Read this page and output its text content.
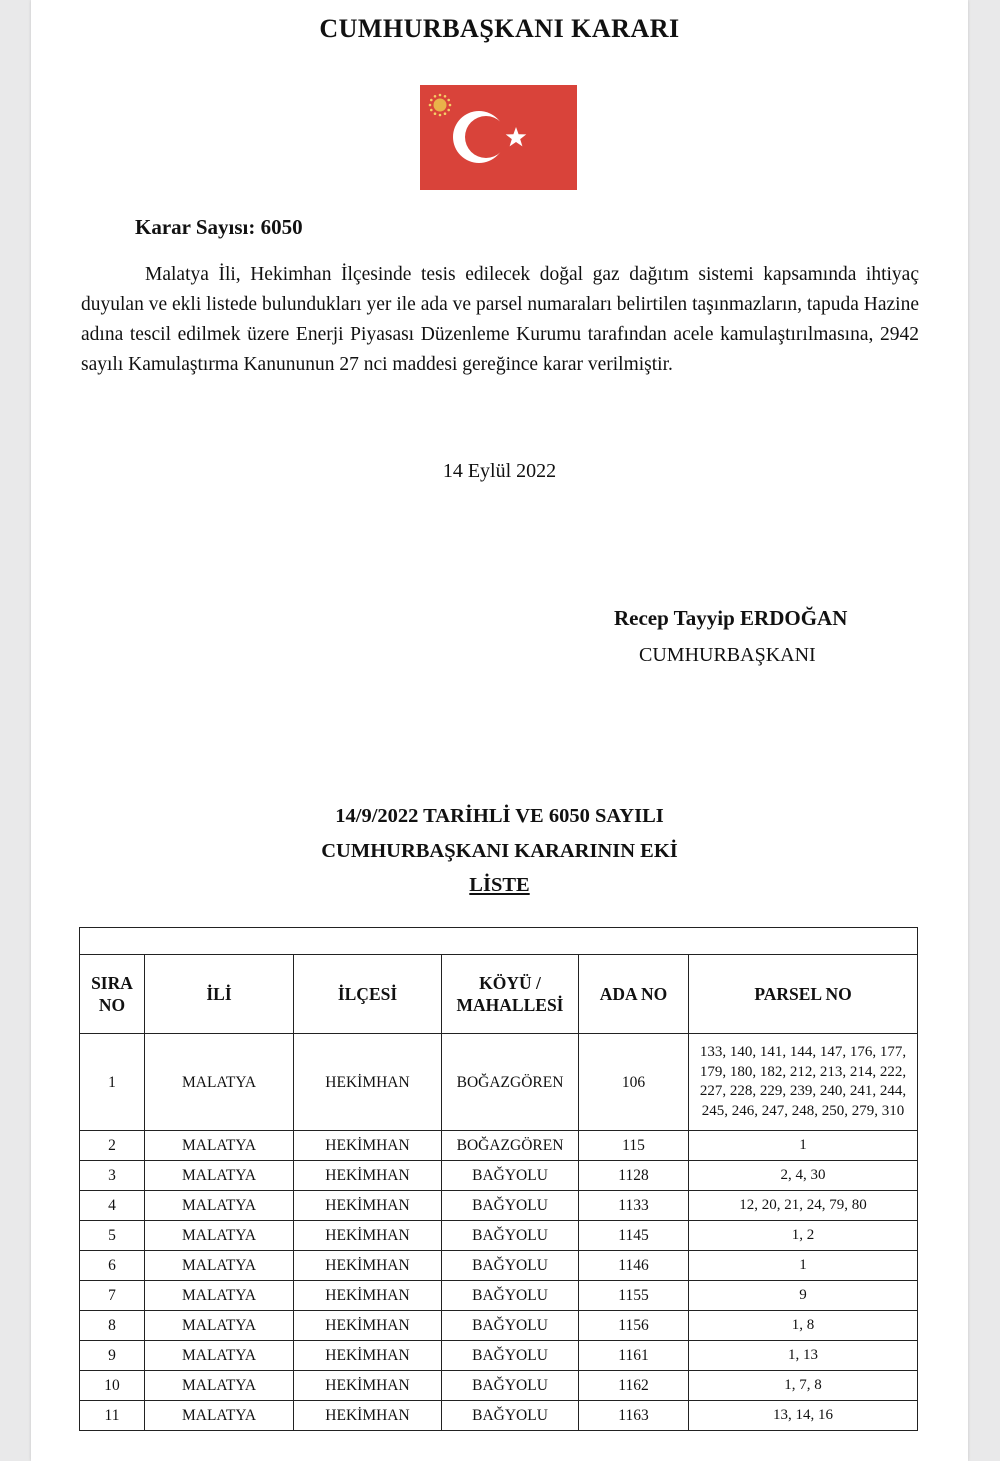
CUMHURBAŞKANI KARARI
Karar Sayısı: 6050
Malatya İli, Hekimhan İlçesinde tesis edilecek doğal gaz dağıtım sistemi kapsamında ihtiyaç duyulan ve ekli listede bulundukları yer ile ada ve parsel numaraları belirtilen taşınmazların, tapuda Hazine adına tescil edilmek üzere Enerji Piyasası Düzenleme Kurumu tarafından acele kamulaştırılmasına, 2942 sayılı Kamulaştırma Kanununun 27 nci maddesi gereğince karar verilmiştir.
14 Eylül 2022
Recep Tayyip ERDOĞAN
CUMHURBAŞKANI
14/9/2022 TARİHLİ VE 6050 SAYILI
CUMHURBAŞKANI KARARININ EKİ
LİSTE

SIRA NO	İLİ	İLÇESİ	KÖYÜ / MAHALLESİ	ADA NO	PARSEL NO
1	MALATYA	HEKİMHAN	BOĞAZGÖREN	106	133, 140, 141, 144, 147, 176, 177, 179, 180, 182, 212, 213, 214, 222, 227, 228, 229, 239, 240, 241, 244, 245, 246, 247, 248, 250, 279, 310
2	MALATYA	HEKİMHAN	BOĞAZGÖREN	115	1
3	MALATYA	HEKİMHAN	BAĞYOLU	1128	2, 4, 30
4	MALATYA	HEKİMHAN	BAĞYOLU	1133	12, 20, 21, 24, 79, 80
5	MALATYA	HEKİMHAN	BAĞYOLU	1145	1, 2
6	MALATYA	HEKİMHAN	BAĞYOLU	1146	1
7	MALATYA	HEKİMHAN	BAĞYOLU	1155	9
8	MALATYA	HEKİMHAN	BAĞYOLU	1156	1, 8
9	MALATYA	HEKİMHAN	BAĞYOLU	1161	1, 13
10	MALATYA	HEKİMHAN	BAĞYOLU	1162	1, 7, 8
11	MALATYA	HEKİMHAN	BAĞYOLU	1163	13, 14, 16
